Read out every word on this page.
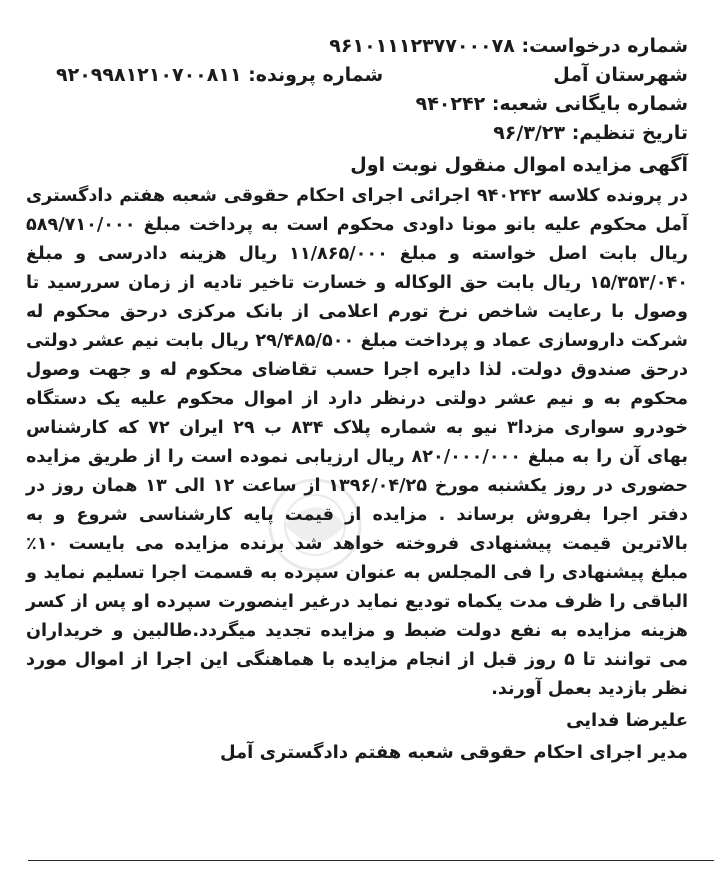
شماره درخواست: ۹۶۱۰۱۱۱۲۳۷۷۰۰۰۷۸
شهرستان آمل
شماره پرونده: ۹۲۰۹۹۸۱۲۱۰۷۰۰۸۱۱
شماره بایگانی شعبه: ۹۴۰۲۴۲
تاریخ تنظیم: ۹۶/۳/۲۳
آگهی مزایده اموال منقول نوبت اول
در پرونده کلاسه ۹۴۰۲۴۲ اجرائی اجرای احکام حقوقی شعبه هفتم دادگستری آمل محکوم علیه بانو مونا داودی محکوم است به پرداخت مبلغ ۵۸۹/۷۱۰/۰۰۰ ریال بابت اصل خواسته و مبلغ ۱۱/۸۶۵/۰۰۰ ریال هزینه دادرسی و مبلغ ۱۵/۳۵۳/۰۴۰ ریال بابت حق الوکاله و خسارت تاخیر تادیه از زمان سررسید تا وصول با رعایت شاخص نرخ تورم اعلامی از بانک مرکزی درحق محکوم له شرکت داروسازی عماد و پرداخت مبلغ ۲۹/۴۸۵/۵۰۰ ریال بابت نیم عشر دولتی درحق صندوق دولت. لذا دایره اجرا حسب تقاضای محکوم له و جهت وصول محکوم به و نیم عشر دولتی درنظر دارد از اموال محکوم علیه یک دستگاه خودرو سواری مزدا۳ نیو به شماره پلاک ۸۳۴ ب ۲۹ ایران ۷۲ که کارشناس بهای آن را به مبلغ ۸۲۰/۰۰۰/۰۰۰ ریال ارزیابی نموده است را از طریق مزایده حضوری در روز یکشنبه مورخ ۱۳۹۶/۰۴/۲۵ از ساعت ۱۲ الی ۱۳ همان روز در دفتر اجرا بفروش برساند . مزایده از قیمت پایه کارشناسی شروع و به بالاترین قیمت پیشنهادی فروخته خواهد شد برنده مزایده می بایست ۱۰٪ مبلغ پیشنهادی را فی المجلس به عنوان سپرده به قسمت اجرا تسلیم نماید و الباقی را ظرف مدت یکماه تودیع نماید درغیر اینصورت سپرده او پس از کسر هزینه مزایده به نفع دولت ضبط و مزایده تجدید میگردد.طالبین و خریداران می توانند تا ۵ روز قبل از انجام مزایده با هماهنگی این اجرا از اموال مورد نظر بازدید بعمل آورند.
علیرضا فدایی
مدیر اجرای احکام حقوقی شعبه هفتم دادگستری آمل
